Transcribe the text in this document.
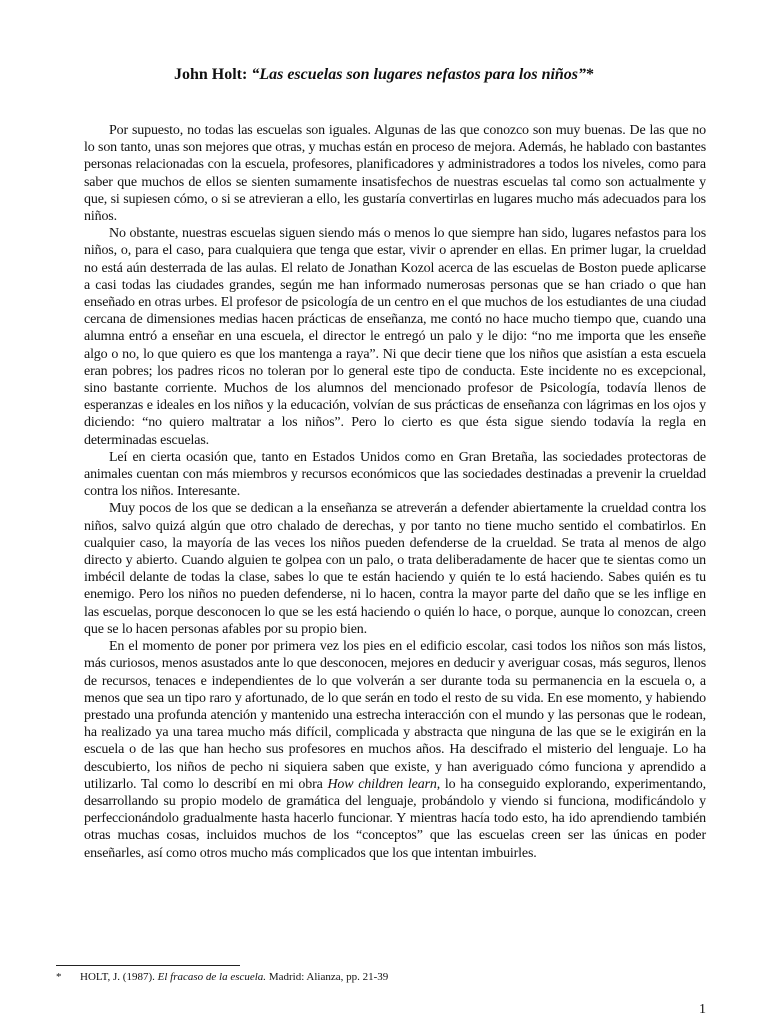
John Holt: “Las escuelas son lugares nefastos para los niños”*

Por supuesto, no todas las escuelas son iguales. Algunas de las que conozco son muy buenas. De las que no lo son tanto, unas son mejores que otras, y muchas están en proceso de mejora. Además, he hablado con bastantes personas relacionadas con la escuela, profesores, planificadores y administradores a todos los niveles, como para saber que muchos de ellos se sienten sumamente insatisfechos de nuestras escuelas tal como son actualmente y que, si supiesen cómo, o si se atrevieran a ello, les gustaría convertirlas en lugares mucho más adecuados para los niños.

No obstante, nuestras escuelas siguen siendo más o menos lo que siempre han sido, lugares nefastos para los niños, o, para el caso, para cualquiera que tenga que estar, vivir o aprender en ellas. En primer lugar, la crueldad no está aún desterrada de las aulas. El relato de Jonathan Kozol acerca de las escuelas de Boston puede aplicarse a casi todas las ciudades grandes, según me han informado numerosas personas que se han criado o que han enseñado en otras urbes. El profesor de psicología de un centro en el que muchos de los estudiantes de una ciudad cercana de dimensiones medias hacen prácticas de enseñanza, me contó no hace mucho tiempo que, cuando una alumna entró a enseñar en una escuela, el director le entregó un palo y le dijo: “no me importa que les enseñe algo o no, lo que quiero es que los mantenga a raya”. Ni que decir tiene que los niños que asistían a esta escuela eran pobres; los padres ricos no toleran por lo general este tipo de conducta. Este incidente no es excepcional, sino bastante corriente. Muchos de los alumnos del mencionado profesor de Psicología, todavía llenos de esperanzas e ideales en los niños y la educación, volvían de sus prácticas de enseñanza con lágrimas en los ojos y diciendo: “no quiero maltratar a los niños”. Pero lo cierto es que ésta sigue siendo todavía la regla en determinadas escuelas.

Leí en cierta ocasión que, tanto en Estados Unidos como en Gran Bretaña, las sociedades protectoras de animales cuentan con más miembros y recursos económicos que las sociedades destinadas a prevenir la crueldad contra los niños. Interesante.

Muy pocos de los que se dedican a la enseñanza se atreverán a defender abiertamente la crueldad contra los niños, salvo quizá algún que otro chalado de derechas, y por tanto no tiene mucho sentido el combatirlos. En cualquier caso, la mayoría de las veces los niños pueden defenderse de la crueldad. Se trata al menos de algo directo y abierto. Cuando alguien te golpea con un palo, o trata deliberadamente de hacer que te sientas como un imbécil delante de todas la clase, sabes lo que te están haciendo y quién te lo está haciendo. Sabes quién es tu enemigo. Pero los niños no pueden defenderse, ni lo hacen, contra la mayor parte del daño que se les inflige en las escuelas, porque desconocen lo que se les está haciendo o quién lo hace, o porque, aunque lo conozcan, creen que se lo hacen personas afables por su propio bien.

En el momento de poner por primera vez los pies en el edificio escolar, casi todos los niños son más listos, más curiosos, menos asustados ante lo que desconocen, mejores en deducir y averiguar cosas, más seguros, llenos de recursos, tenaces e independientes de lo que volverán a ser durante toda su permanencia en la escuela o, a menos que sea un tipo raro y afortunado, de lo que serán en todo el resto de su vida. En ese momento, y habiendo prestado una profunda atención y mantenido una estrecha interacción con el mundo y las personas que le rodean, ha realizado ya una tarea mucho más difícil, complicada y abstracta que ninguna de las que se le exigirán en la escuela o de las que han hecho sus profesores en muchos años. Ha descifrado el misterio del lenguaje. Lo ha descubierto, los niños de pecho ni siquiera saben que existe, y han averiguado cómo funciona y aprendido a utilizarlo. Tal como lo describí en mi obra How children learn, lo ha conseguido explorando, experimentando, desarrollando su propio modelo de gramática del lenguaje, probándolo y viendo si funciona, modificándolo y perfeccionándolo gradualmente hasta hacerlo funcionar. Y mientras hacía todo esto, ha ido aprendiendo también otras muchas cosas, incluidos muchos de los “conceptos” que las escuelas creen ser las únicas en poder enseñarles, así como otros mucho más complicados que los que intentan imbuirles.

* HOLT, J. (1987). El fracaso de la escuela. Madrid: Alianza, pp. 21-39
1
